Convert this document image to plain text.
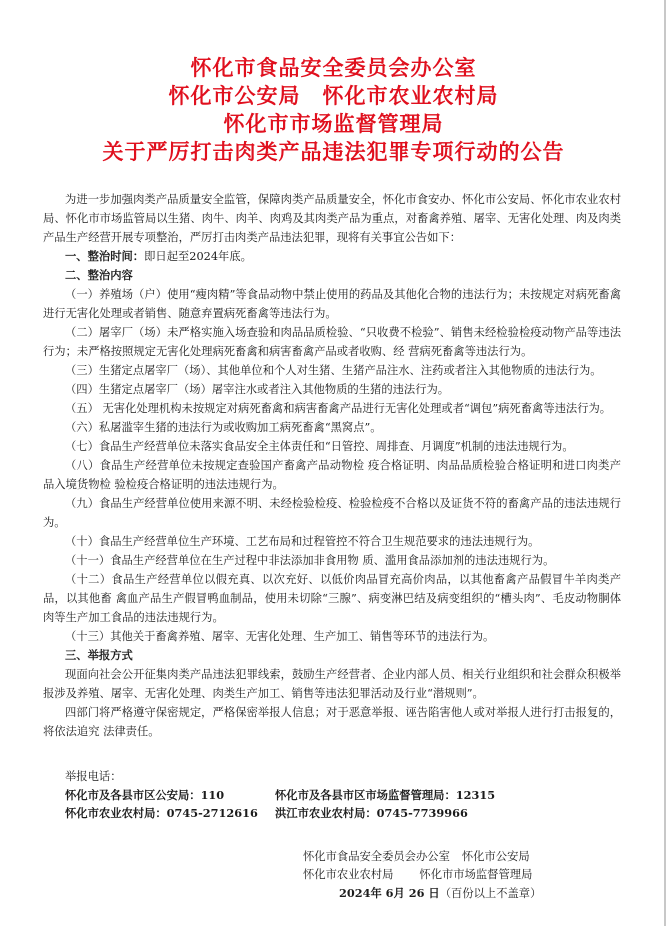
怀化市食品安全委员会办公室
怀化市公安局 怀化市农业农村局
怀化市市场监督管理局
关于严厉打击肉类产品违法犯罪专项行动的公告

为进一步加强肉类产品质量安全监管，保障肉类产品质量安全，怀化市食安办、怀化市公安局、怀化市农业农村局、怀化市市场监管局以生猪、肉牛、肉羊、肉鸡及其肉类产品为重点，对畜禽养殖、屠宰、无害化处理、肉及肉类产品生产经营开展专项整治，严厉打击肉类产品违法犯罪，现将有关事宜公告如下：

一、整治时间：即日起至2024年底。

二、整治内容

（一）养殖场（户）使用“瘦肉精”等食品动物中禁止使用的药品及其他化合物的违法行为；未按规定对病死畜禽进行无害化处理或者销售、随意弃置病死畜禽等违法行为。

（二）屠宰厂（场）未严格实施入场查验和肉品品质检验、“只收费不检验”、销售未经检验检疫动物产品等违法行为；未严格按照规定无害化处理病死畜禽和病害畜禽产品或者收购、经 营病死畜禽等违法行为。

（三）生猪定点屠宰厂（场）、其他单位和个人对生猪、生猪产品注水、注药或者注入其他物质的违法行为。

（四）生猪定点屠宰厂（场）屠宰注水或者注入其他物质的生猪的违法行为。

（五） 无害化处理机构未按规定对病死畜禽和病害畜禽产品进行无害化处理或者“调包”病死畜禽等违法行为。

（六）私屠滥宰生猪的违法行为或收购加工病死畜禽“黑窝点”。

（七）食品生产经营单位未落实食品安全主体责任和“日管控、周排查、月调度”机制的违法违规行为。

（八）食品生产经营单位未按规定查验国产畜禽产品动物检 疫合格证明、肉品品质检验合格证明和进口肉类产品入境货物检 验检疫合格证明的违法违规行为。

（九）食品生产经营单位使用来源不明、未经检验检疫、检验检疫不合格以及证货不符的畜禽产品的违法违规行为。

（十）食品生产经营单位生产环境、工艺布局和过程管控不符合卫生规范要求的违法违规行为。

（十一）食品生产经营单位在生产过程中非法添加非食用物 质、滥用食品添加剂的违法违规行为。

（十二）食品生产经营单位以假充真、以次充好、以低价肉品冒充高价肉品，以其他畜禽产品假冒牛羊肉类产品，以其他畜 禽血产品生产假冒鸭血制品，使用未切除“三腺”、病变淋巴结及病变组织的“槽头肉”、毛皮动物胴体肉等生产加工食品的违法违规行为。

（十三）其他关于畜禽养殖、屠宰、无害化处理、生产加工、销售等环节的违法行为。

三、举报方式

现面向社会公开征集肉类产品违法犯罪线索，鼓励生产经营者、企业内部人员、相关行业组织和社会群众积极举报涉及养殖、屠宰、无害化处理、肉类生产加工、销售等违法犯罪活动及行业“潜规则”。

四部门将严格遵守保密规定，严格保密举报人信息；对于恶意举报、诬告陷害他人或对举报人进行打击报复的，将依法追究 法律责任。

举报电话：
怀化市及各县市区公安局：110	怀化市及各县市区市场监督管理局：12315
怀化市农业农村局：0745-2712616	洪江市农业农村局：0745-7739966
怀化市食品安全委员会办公室 怀化市公安局
怀化市农业农村局 怀化市市场监督管理局
2024年 6月 26 日（百份以上不盖章）
